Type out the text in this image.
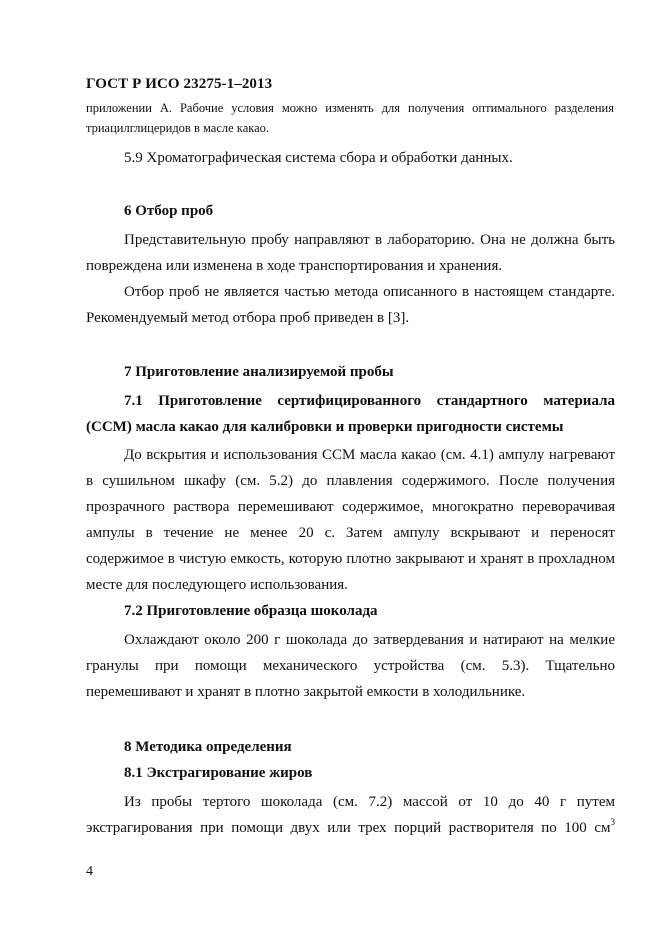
ГОСТ Р ИСО 23275-1–2013
приложении А. Рабочие условия можно изменять для получения оптимального разделения
триацилглицеридов в масле какао.
5.9 Хроматографическая система сбора и обработки данных.
6 Отбор проб
Представительную пробу направляют в лабораторию. Она не должна быть повреждена или изменена в ходе транспортирования и хранения.
Отбор проб не является частью метода описанного в настоящем стандарте. Рекомендуемый метод отбора проб приведен в [3].
7 Приготовление анализируемой пробы
7.1 Приготовление сертифицированного стандартного материала (ССМ) масла какао для калибровки и проверки пригодности системы
До вскрытия и использования ССМ масла какао (см. 4.1) ампулу нагревают в сушильном шкафу (см. 5.2) до плавления содержимого. После получения прозрачного раствора перемешивают содержимое, многократно переворачивая ампулы в течение не менее 20 с. Затем ампулу вскрывают и переносят содержимое в чистую емкость, которую плотно закрывают и хранят в прохладном месте для последующего использования.
7.2 Приготовление образца шоколада
Охлаждают около 200 г шоколада до затвердевания и натирают на мелкие гранулы при помощи механического устройства (см. 5.3). Тщательно перемешивают и хранят в плотно закрытой емкости в холодильнике.
8 Методика определения
8.1 Экстрагирование жиров
Из пробы тертого шоколада (см. 7.2) массой от 10 до 40 г путем экстрагирования при помощи двух или трех порций растворителя по 100 $см^3$
4
